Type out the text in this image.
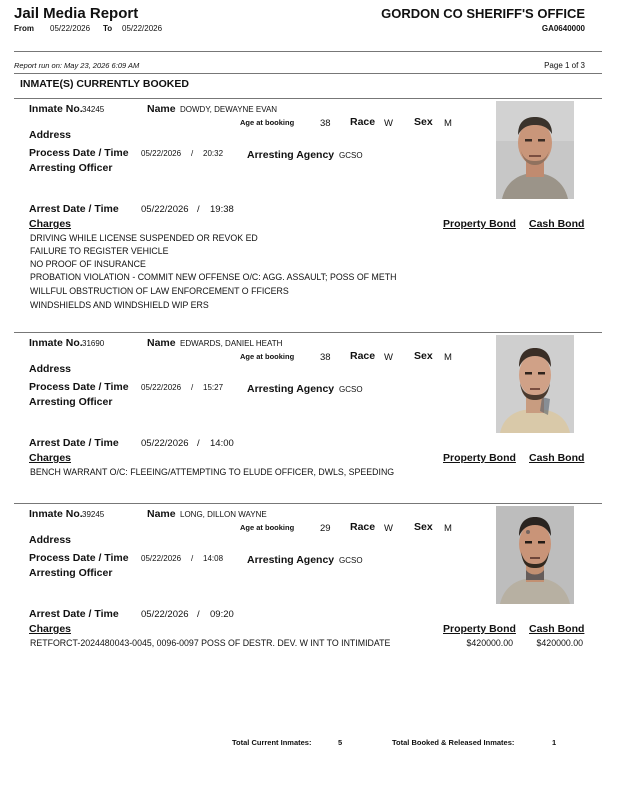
Jail Media Report	GORDON CO SHERIFF'S OFFICE
From 05/22/2026 To 05/22/2026	GA0640000
Report run on: May 23, 2026 6:09 AM	Page 1 of 3
INMATE(S) CURRENTLY BOOKED
Inmate No. 34245	Name DOWDY, DEWAYNE EVAN
Age at booking	38 Race W Sex M
Address
Process Date / Time 05/22/2026 / 20:32 Arresting Agency GCSO
Arresting Officer
Arrest Date / Time 05/22/2026 / 19:38
Charges	Property Bond Cash Bond
DRIVING WHILE LICENSE SUSPENDED OR REVOK ED
FAILURE TO REGISTER VEHICLE
NO PROOF OF INSURANCE
PROBATION VIOLATION - COMMIT NEW OFFENSE O/C: AGG. ASSAULT; POSS OF METH
WILLFUL OBSTRUCTION OF LAW ENFORCEMENT O FFICERS
WINDSHIELDS AND WINDSHIELD WIP ERS
Inmate No. 31690	Name EDWARDS, DANIEL HEATH
Age at booking	38 Race W Sex M
Address
Process Date / Time 05/22/2026 / 15:27 Arresting Agency GCSO
Arresting Officer
Arrest Date / Time 05/22/2026 / 14:00
Charges	Property Bond Cash Bond
BENCH WARRANT O/C: FLEEING/ATTEMPTING TO ELUDE OFFICER, DWLS, SPEEDING
Inmate No. 39245	Name LONG, DILLON WAYNE
Age at booking	29 Race W Sex M
Address
Process Date / Time 05/22/2026 / 14:08 Arresting Agency GCSO
Arresting Officer
Arrest Date / Time 05/22/2026 / 09:20
Charges	Property Bond Cash Bond
RETFORCT-2024480043-0045, 0096-0097 POSS OF DESTR. DEV. W INT TO INTIMIDATE	$420000.00	$420000.00
Total Current Inmates:	5	Total Booked & Released Inmates:	1
